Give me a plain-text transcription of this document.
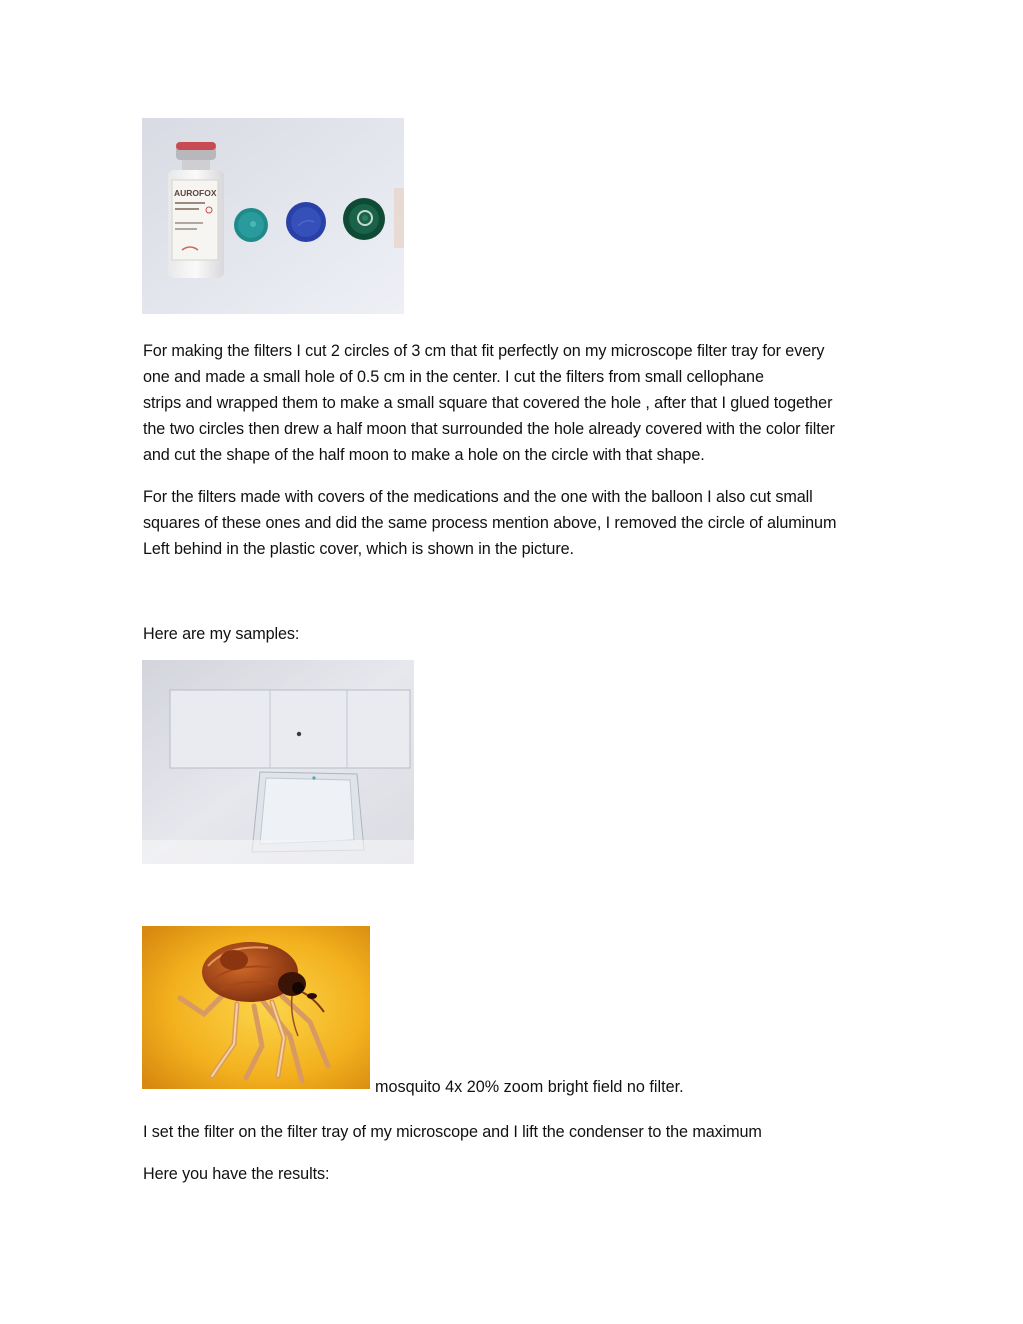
AUROFOX
For making the filters I cut 2 circles of 3 cm that fit perfectly on my microscope filter tray for every
one and made a small hole of 0.5 cm in the center. I cut the filters from small cellophane
strips and wrapped them to make a small square that covered the hole , after that I glued together
the two circles then drew a half moon that surrounded the hole already covered with the color filter
and cut the shape of the half moon to make a hole on the circle with that shape.
For the filters made with covers of the medications and the one with the balloon I also cut small
squares of these ones and did the same process mention above, I removed the circle of aluminum
Left behind in the plastic cover, which is shown in the picture.
Here are my samples:
mosquito 4x 20% zoom bright field no filter.
I set the filter on the filter tray of my microscope and I lift the condenser to the maximum
Here you have the results:
